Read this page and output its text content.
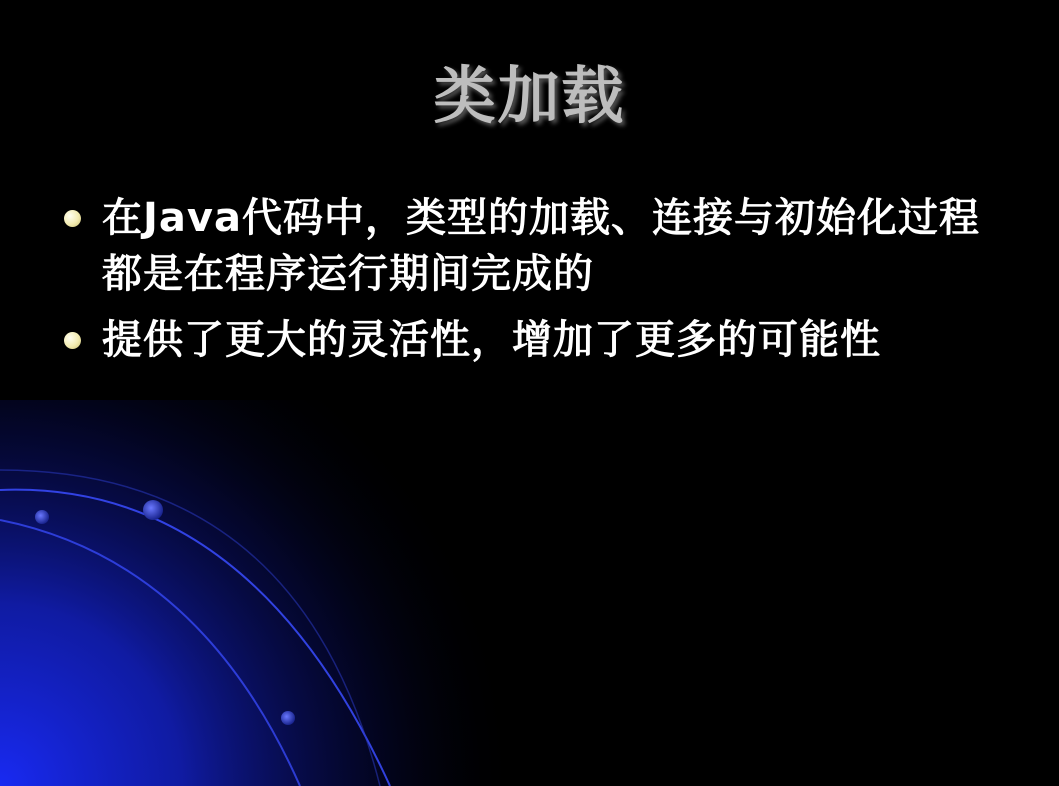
类加载
在Java代码中，类型的加载、连接与初始化过程都是在程序运行期间完成的
提供了更大的灵活性，增加了更多的可能性
